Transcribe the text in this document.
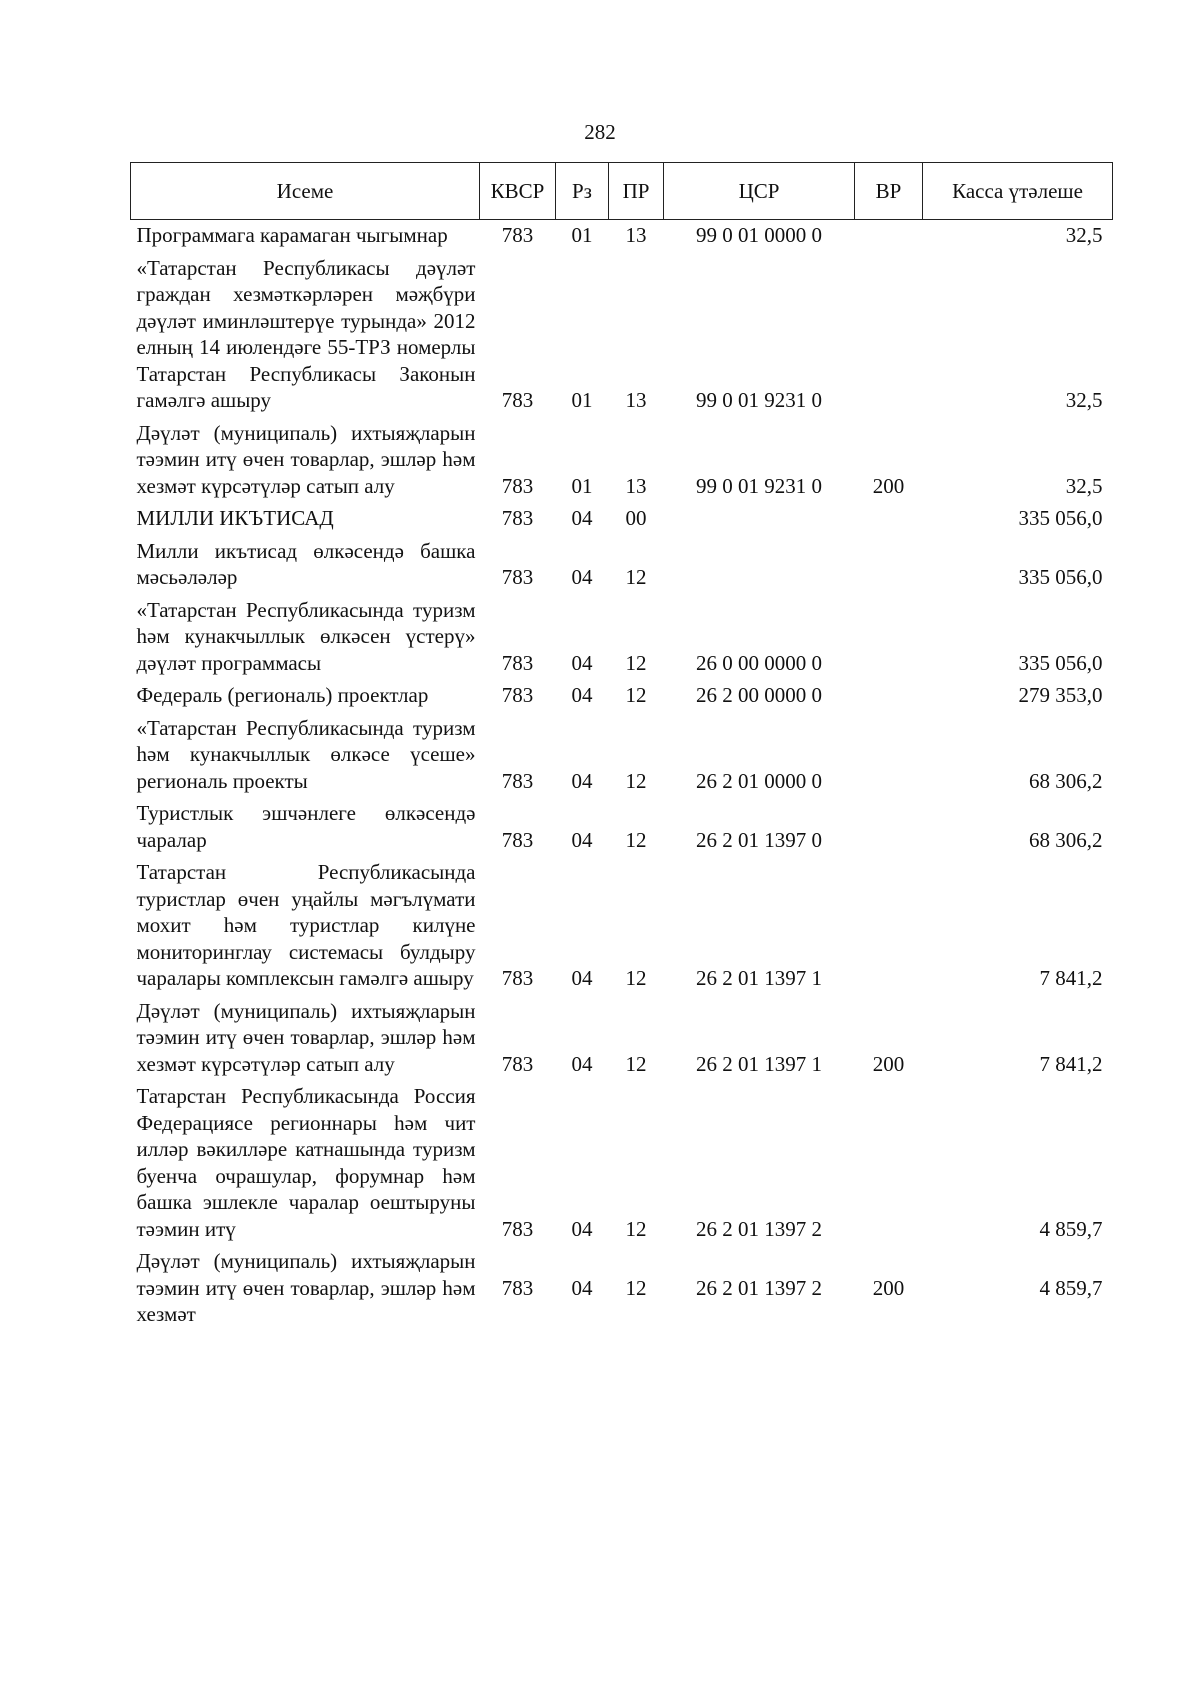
282
Исеме	КВСР	Рз	ПР	ЦСР	ВР	Касса үтәлеше
Программага карамаган чыгымнар	783	01	13	99 0 01 0000 0		32,5
«Татарстан Республикасы дәүләт граждан хезмәткәрләрен мәҗбүри дәүләт иминләштерүе турында» 2012 елның 14 июлендәге 55-ТРЗ номерлы Татарстан Республикасы Законын гамәлгә ашыру	783	01	13	99 0 01 9231 0		32,5
Дәүләт (муниципаль) ихтыяҗларын тәэмин итү өчен товарлар, эшләр һәм хезмәт күрсәтүләр сатып алу	783	01	13	99 0 01 9231 0	200	32,5
МИЛЛИ ИКЪТИСАД	783	04	00			335 056,0
Милли икътисад өлкәсендә башка мәсьәләләр	783	04	12			335 056,0
«Татарстан Республикасында туризм һәм кунакчыллык өлкәсен үстерү» дәүләт программасы	783	04	12	26 0 00 0000 0		335 056,0
Федераль (региональ) проектлар	783	04	12	26 2 00 0000 0		279 353,0
«Татарстан Республикасында туризм һәм кунакчыллык өлкәсе үсеше» региональ проекты	783	04	12	26 2 01 0000 0		68 306,2
Туристлык эшчәнлеге өлкәсендә чаралар	783	04	12	26 2 01 1397 0		68 306,2
Татарстан Республикасында туристлар өчен уңайлы мәгълүмати мохит һәм туристлар килүне мониторинглау системасы булдыру чаралары комплексын гамәлгә ашыру	783	04	12	26 2 01 1397 1		7 841,2
Дәүләт (муниципаль) ихтыяҗларын тәэмин итү өчен товарлар, эшләр һәм хезмәт күрсәтүләр сатып алу	783	04	12	26 2 01 1397 1	200	7 841,2
Татарстан Республикасында Россия Федерациясе регионнары һәм чит илләр вәкилләре катнашында туризм буенча очрашулар, форумнар һәм башка эшлекле чаралар оештыруны тәэмин итү	783	04	12	26 2 01 1397 2		4 859,7
Дәүләт (муниципаль) ихтыяҗларын тәэмин итү өчен товарлар, эшләр һәм хезмәт	783	04	12	26 2 01 1397 2	200	4 859,7
